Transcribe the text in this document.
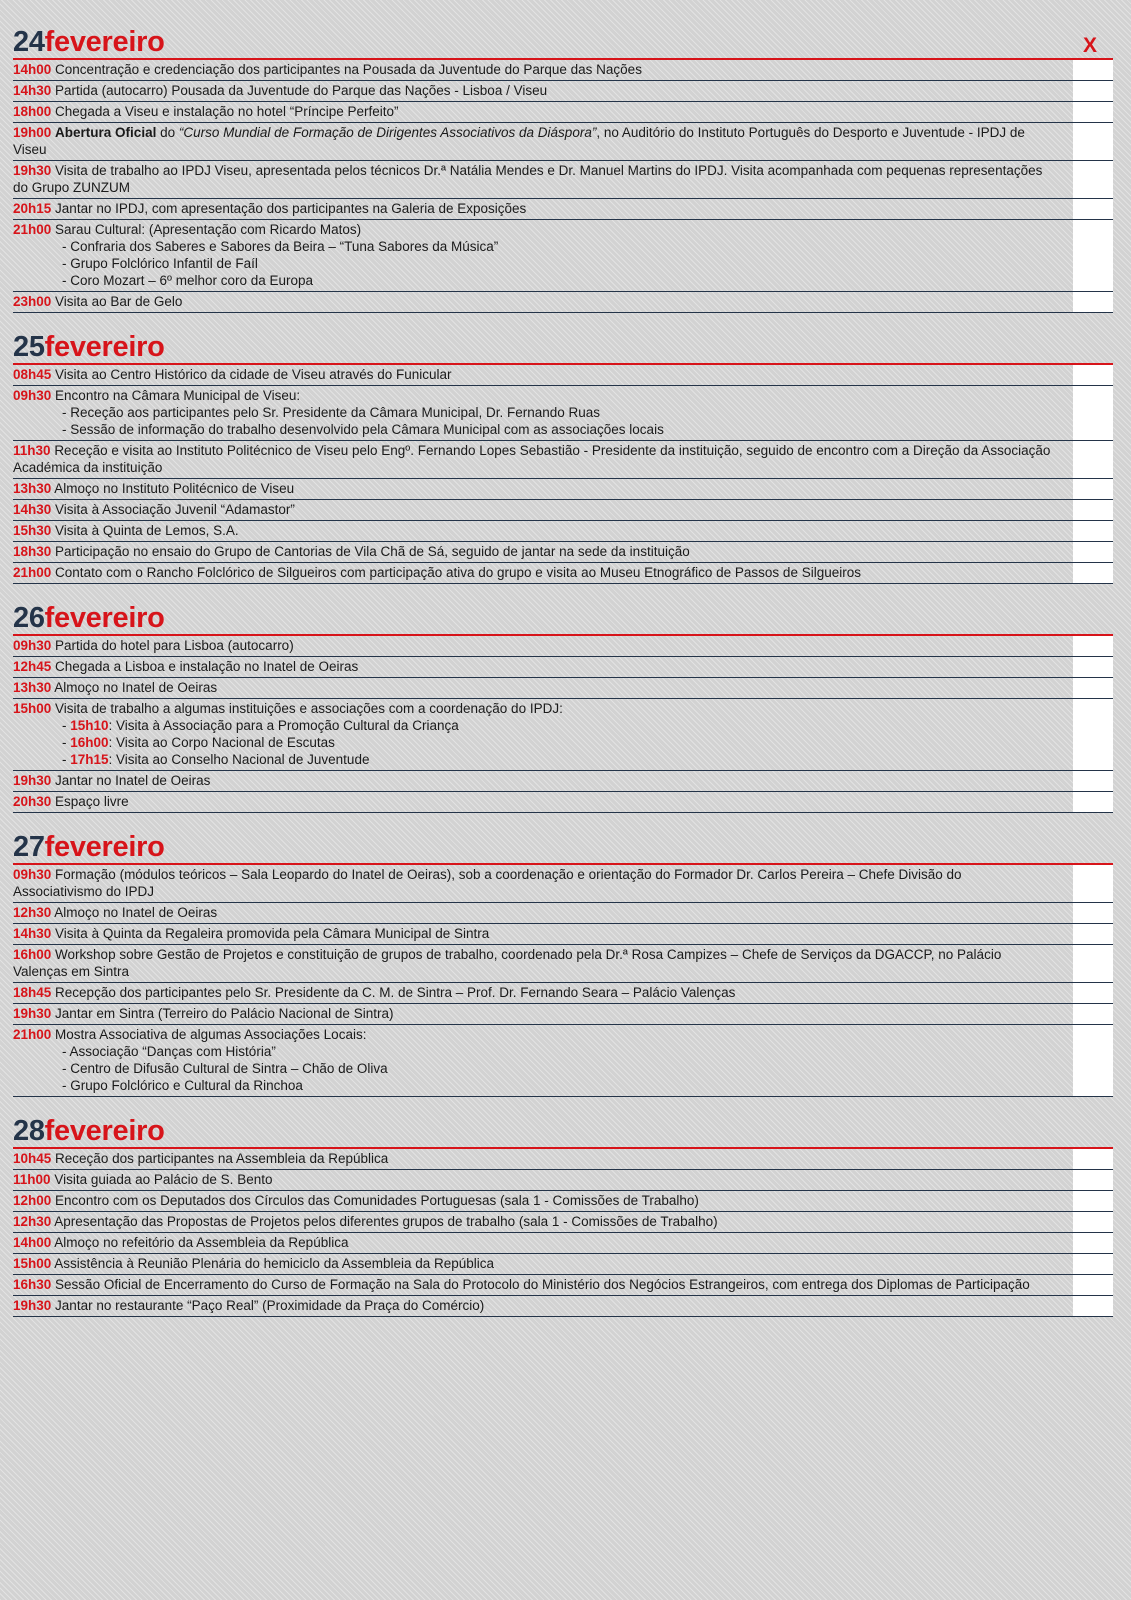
24fevereiro	X
14h00 Concentração e credenciação dos participantes na Pousada da Juventude do Parque das Nações
14h30 Partida (autocarro) Pousada da Juventude do Parque das Nações - Lisboa / Viseu
18h00 Chegada a Viseu e instalação no hotel “Príncipe Perfeito”
19h00 Abertura Oficial do “Curso Mundial de Formação de Dirigentes Associativos da Diáspora”, no Auditório do Instituto Português do Desporto e Juventude - IPDJ de Viseu
19h30 Visita de trabalho ao IPDJ Viseu, apresentada pelos técnicos Dr.ª Natália Mendes e Dr. Manuel Martins do IPDJ. Visita acompanhada com pequenas representações do Grupo ZUNZUM
20h15 Jantar no IPDJ, com apresentação dos participantes na Galeria de Exposições
21h00 Sarau Cultural: (Apresentação com Ricardo Matos)
- Confraria dos Saberes e Sabores da Beira – “Tuna Sabores da Música”
- Grupo Folclórico Infantil de Faíl
- Coro Mozart – 6º melhor coro da Europa
23h00 Visita ao Bar de Gelo
25fevereiro
08h45 Visita ao Centro Histórico da cidade de Viseu através do Funicular
09h30 Encontro na Câmara Municipal de Viseu:
- Receção aos participantes pelo Sr. Presidente da Câmara Municipal, Dr. Fernando Ruas
- Sessão de informação do trabalho desenvolvido pela Câmara Municipal com as associações locais
11h30 Receção e visita ao Instituto Politécnico de Viseu pelo Engº. Fernando Lopes Sebastião - Presidente da instituição, seguido de encontro com a Direção da Associação Académica da instituição
13h30 Almoço no Instituto Politécnico de Viseu
14h30 Visita à Associação Juvenil “Adamastor”
15h30 Visita à Quinta de Lemos, S.A.
18h30 Participação no ensaio do Grupo de Cantorias de Vila Chã de Sá, seguido de jantar na sede da instituição
21h00 Contato com o Rancho Folclórico de Silgueiros com participação ativa do grupo e visita ao Museu Etnográfico de Passos de Silgueiros
26fevereiro
09h30 Partida do hotel para Lisboa (autocarro)
12h45 Chegada a Lisboa e instalação no Inatel de Oeiras
13h30 Almoço no Inatel de Oeiras
15h00 Visita de trabalho a algumas instituições e associações com a coordenação do IPDJ:
- 15h10: Visita à Associação para a Promoção Cultural da Criança
- 16h00: Visita ao Corpo Nacional de Escutas
- 17h15: Visita ao Conselho Nacional de Juventude
19h30 Jantar no Inatel de Oeiras
20h30 Espaço livre
27fevereiro
09h30 Formação (módulos teóricos – Sala Leopardo do Inatel de Oeiras), sob a coordenação e orientação do Formador Dr. Carlos Pereira – Chefe Divisão do Associativismo do IPDJ
12h30 Almoço no Inatel de Oeiras
14h30 Visita à Quinta da Regaleira promovida pela Câmara Municipal de Sintra
16h00 Workshop sobre Gestão de Projetos e constituição de grupos de trabalho, coordenado pela Dr.ª Rosa Campizes – Chefe de Serviços da DGACCP, no Palácio Valenças em Sintra
18h45 Recepção dos participantes pelo Sr. Presidente da C. M. de Sintra – Prof. Dr. Fernando Seara – Palácio Valenças
19h30 Jantar em Sintra (Terreiro do Palácio Nacional de Sintra)
21h00 Mostra Associativa de algumas Associações Locais:
- Associação “Danças com História”
- Centro de Difusão Cultural de Sintra – Chão de Oliva
- Grupo Folclórico e Cultural da Rinchoa
28fevereiro
10h45 Receção dos participantes na Assembleia da República
11h00 Visita guiada ao Palácio de S. Bento
12h00 Encontro com os Deputados dos Círculos das Comunidades Portuguesas (sala 1 - Comissões de Trabalho)
12h30 Apresentação das Propostas de Projetos pelos diferentes grupos de trabalho (sala 1 - Comissões de Trabalho)
14h00 Almoço no refeitório da Assembleia da República
15h00 Assistência à Reunião Plenária do hemiciclo da Assembleia da República
16h30 Sessão Oficial de Encerramento do Curso de Formação na Sala do Protocolo do Ministério dos Negócios Estrangeiros, com entrega dos Diplomas de Participação
19h30 Jantar no restaurante “Paço Real” (Proximidade da Praça do Comércio)
